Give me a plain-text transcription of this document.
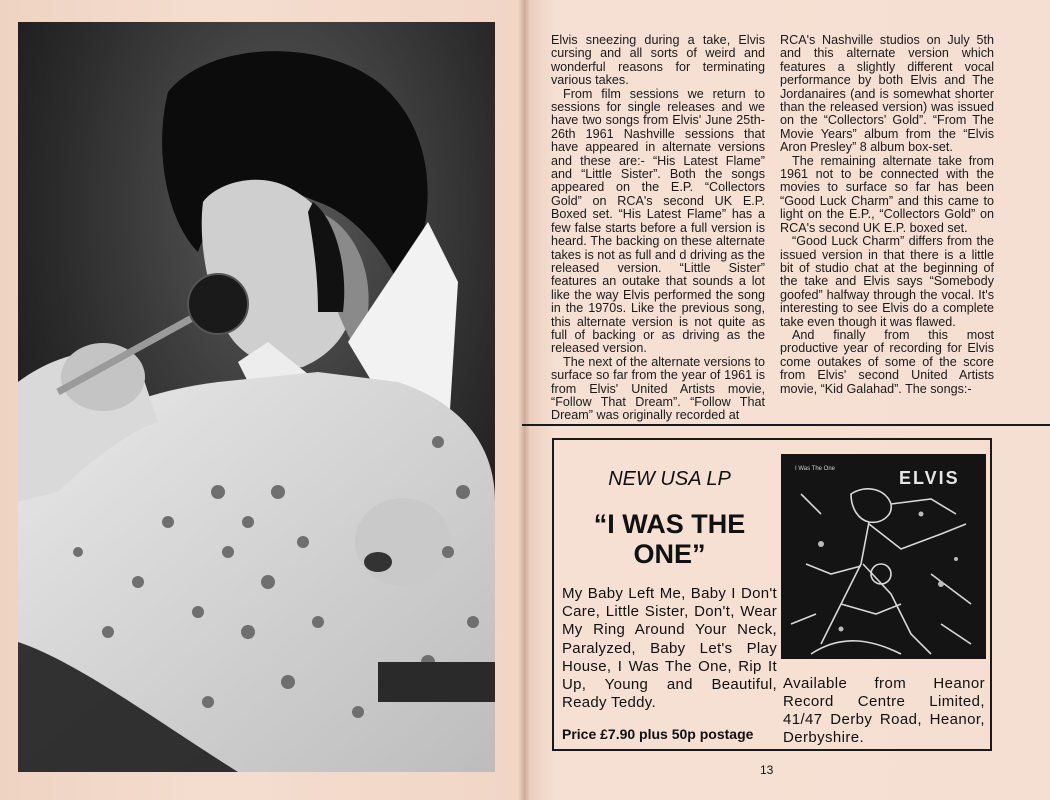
Elvis sneezing during a take, Elvis cursing and all sorts of weird and wonderful reasons for terminating various takes.

From film sessions we return to sessions for single releases and we have two songs from Elvis' June 25th-26th 1961 Nashville sessions that have appeared in alternate versions and these are:- “His Latest Flame” and “Little Sister”. Both the songs appeared on the E.P. “Collectors Gold” on RCA's second UK E.P. Boxed set. “His Latest Flame” has a few false starts before a full version is heard. The backing on these alternate takes is not as full and d driving as the released version. “Little Sister” features an outake that sounds a lot like the way Elvis performed the song in the 1970s. Like the previous song, this alternate version is not quite as full of backing or as driving as the released version.

The next of the alternate versions to surface so far from the year of 1961 is from Elvis' United Artists movie, “Follow That Dream”. “Follow That Dream” was originally recorded at

RCA's Nashville studios on July 5th and this alternate version which features a slightly different vocal performance by both Elvis and The Jordanaires (and is somewhat shorter than the released version) was issued on the “Collectors' Gold”. “From The Movie Years” album from the “Elvis Aron Presley” 8 album box-set.

The remaining alternate take from 1961 not to be connected with the movies to surface so far has been “Good Luck Charm” and this came to light on the E.P., “Collectors Gold” on RCA's second UK E.P. boxed set.

“Good Luck Charm” differs from the issued version in that there is a little bit of studio chat at the beginning of the take and Elvis says “Somebody goofed” halfway through the vocal. It's interesting to see Elvis do a complete take even though it was flawed.

And finally from this most productive year of recording for Elvis come outakes of some of the score from Elvis' second United Artists movie, “Kid Galahad”. The songs:-

NEW USA LP
“I WAS THE
ONE”
My Baby Left Me, Baby I Don't Care, Little Sister, Don't, Wear My Ring Around Your Neck, Paralyzed, Baby Let's Play House, I Was The One, Rip It Up, Young and Beautiful, Ready Teddy.
Price £7.90 plus 50p postage
I Was The One	ELVIS
Available from Heanor Record Centre Limited, 41/47 Derby Road, Heanor, Derbyshire.
13
